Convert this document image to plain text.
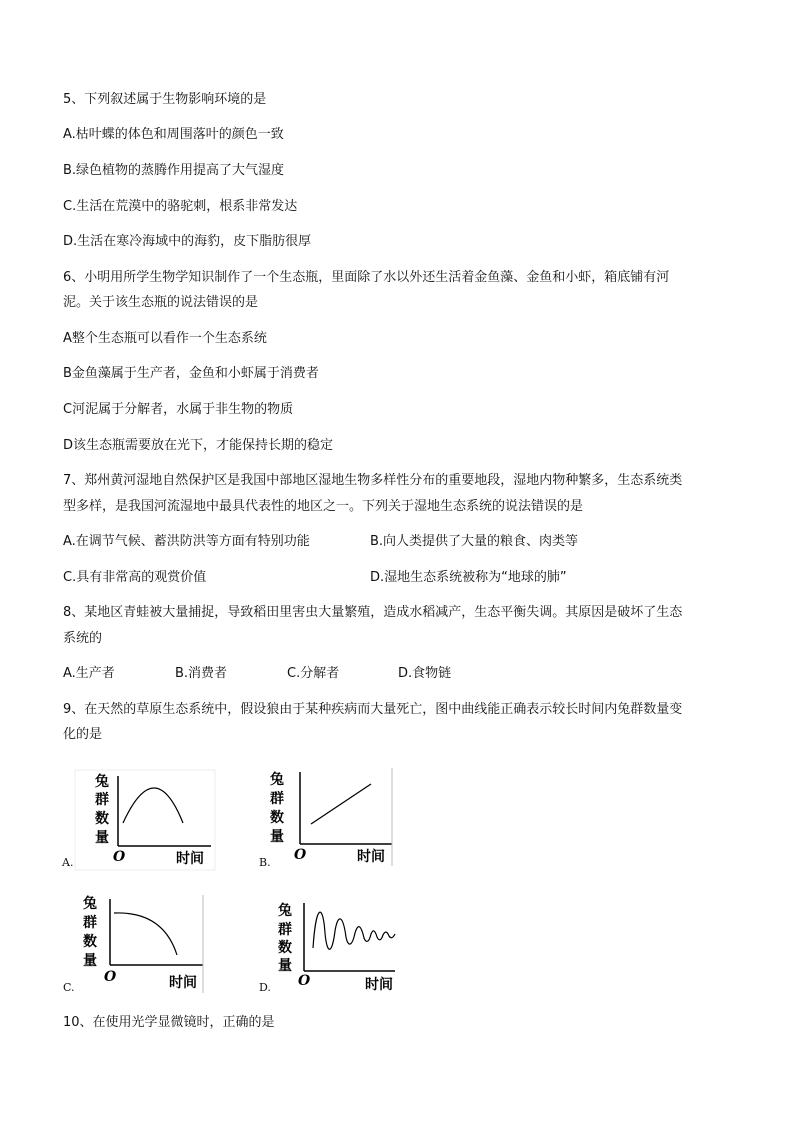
5、下列叙述属于生物影响环境的是
A.枯叶蝶的体色和周围落叶的颜色一致
B.绿色植物的蒸腾作用提高了大气湿度
C.生活在荒漠中的骆驼刺，根系非常发达
D.生活在寒冷海域中的海豹，皮下脂肪很厚
6、小明用所学生物学知识制作了一个生态瓶，里面除了水以外还生活着金鱼藻、金鱼和小虾，箱底铺有河
泥。关于该生态瓶的说法错误的是
A整个生态瓶可以看作一个生态系统
B金鱼藻属于生产者，金鱼和小虾属于消费者
C河泥属于分解者，水属于非生物的物质
D该生态瓶需要放在光下，才能保持长期的稳定
7、郑州黄河湿地自然保护区是我国中部地区湿地生物多样性分布的重要地段，湿地内物种繁多，生态系统类
型多样，是我国河流湿地中最具代表性的地区之一。下列关于湿地生态系统的说法错误的是
A.在调节气候、蓄洪防洪等方面有特别功能	B.向人类提供了大量的粮食、肉类等
C.具有非常高的观赏价值	D.湿地生态系统被称为“地球的肺”
8、某地区青蛙被大量捕捉，导致稻田里害虫大量繁殖，造成水稻减产，生态平衡失调。其原因是破坏了生态
系统的
A.生产者	B.消费者	C.分解者	D.食物链
9、在天然的草原生态系统中，假设狼由于某种疾病而大量死亡，图中曲线能正确表示较长时间内兔群数量变
化的是
兔
群
数
量
O	时间
A.
兔
群
数
量
O	时间
B.
兔
群
数
量
O	时间
C.
兔
群
数
量
O	时间
D.
10、在使用光学显微镜时，正确的是
